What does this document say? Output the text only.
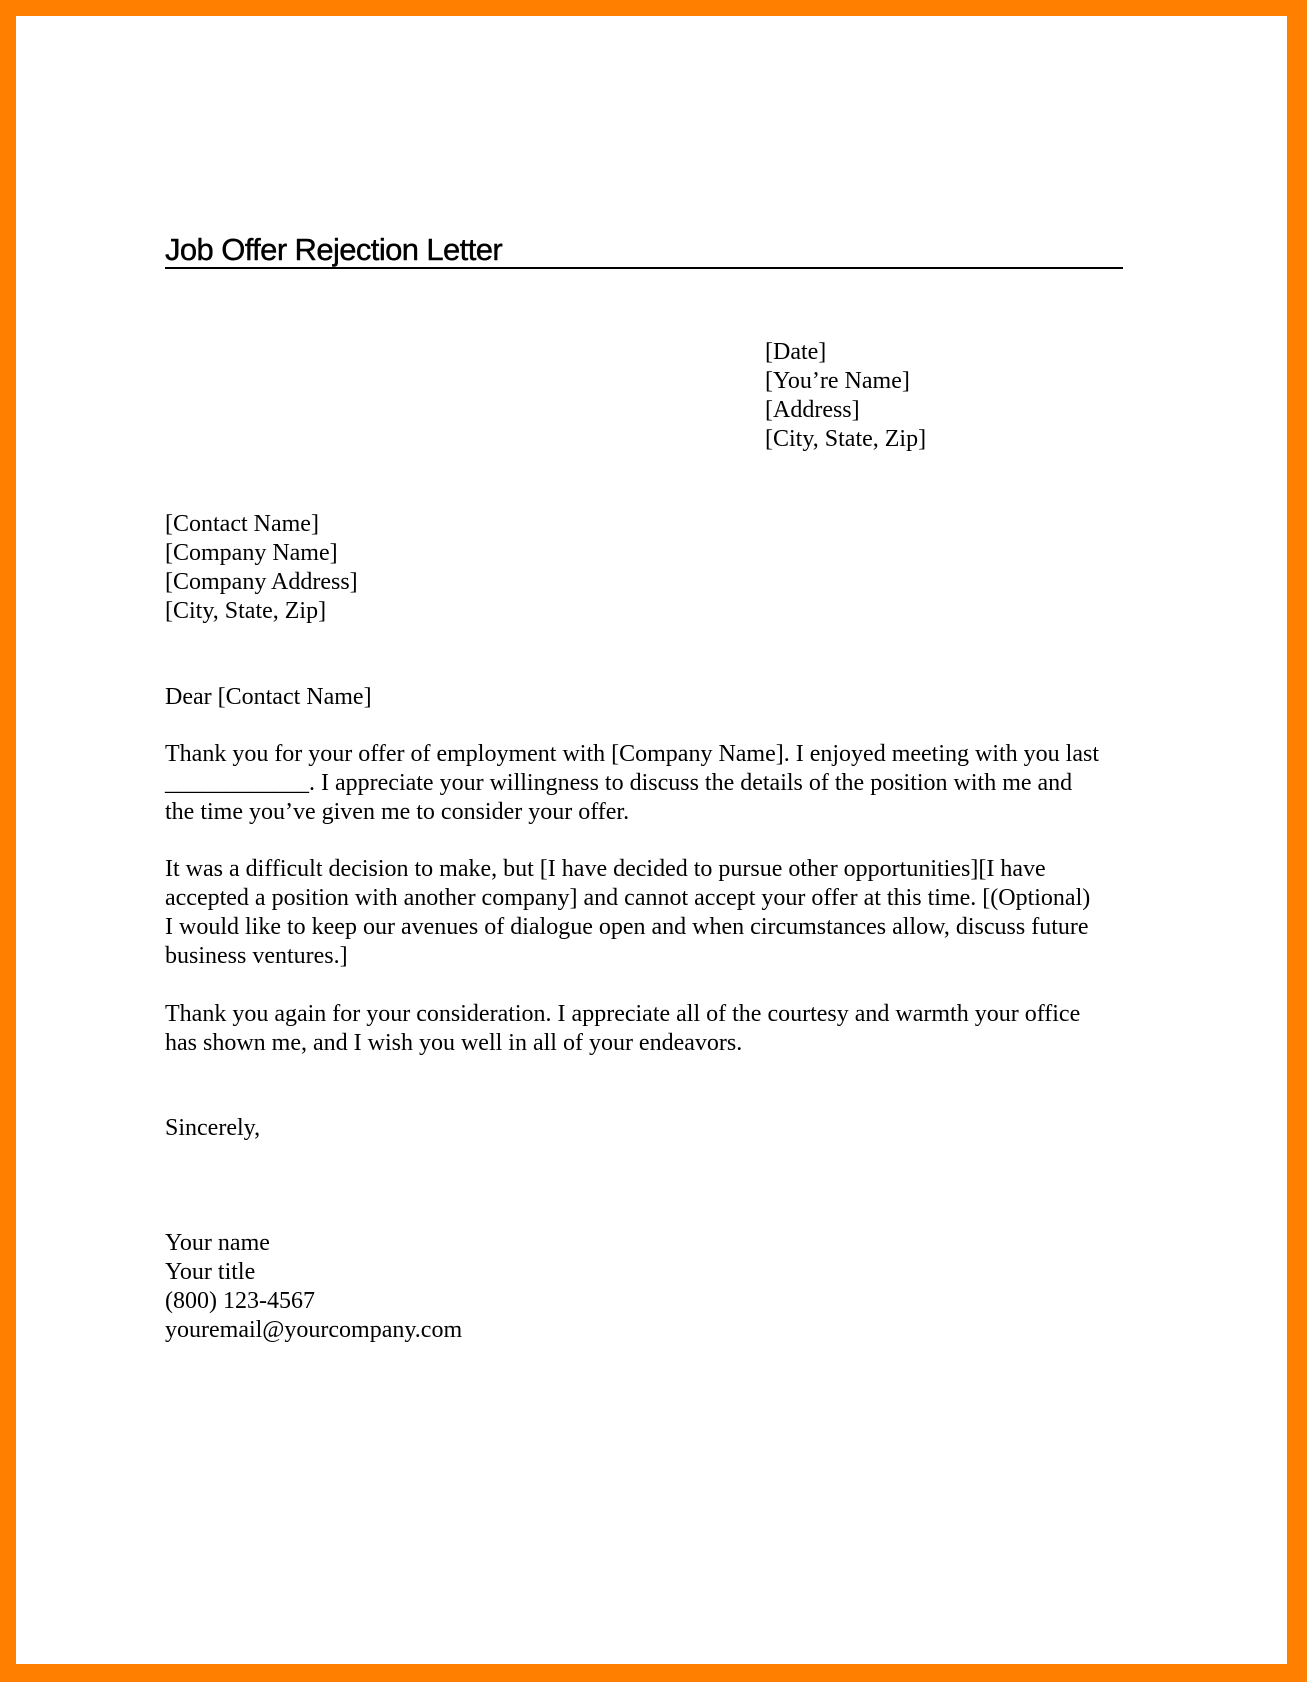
Job Offer Rejection Letter
[Date]
[You’re Name]
[Address]
[City, State, Zip]
[Contact Name]
[Company Name]
[Company Address]
[City, State, Zip]
Dear [Contact Name]
Thank you for your offer of employment with [Company Name]. I enjoyed meeting with you last
____________. I appreciate your willingness to discuss the details of the position with me and
the time you’ve given me to consider your offer.
It was a difficult decision to make, but [I have decided to pursue other opportunities][I have
accepted a position with another company] and cannot accept your offer at this time. [(Optional)
I would like to keep our avenues of dialogue open and when circumstances allow, discuss future
business ventures.]
Thank you again for your consideration. I appreciate all of the courtesy and warmth your office
has shown me, and I wish you well in all of your endeavors.
Sincerely,
Your name
Your title
(800) 123-4567
youremail@yourcompany.com
